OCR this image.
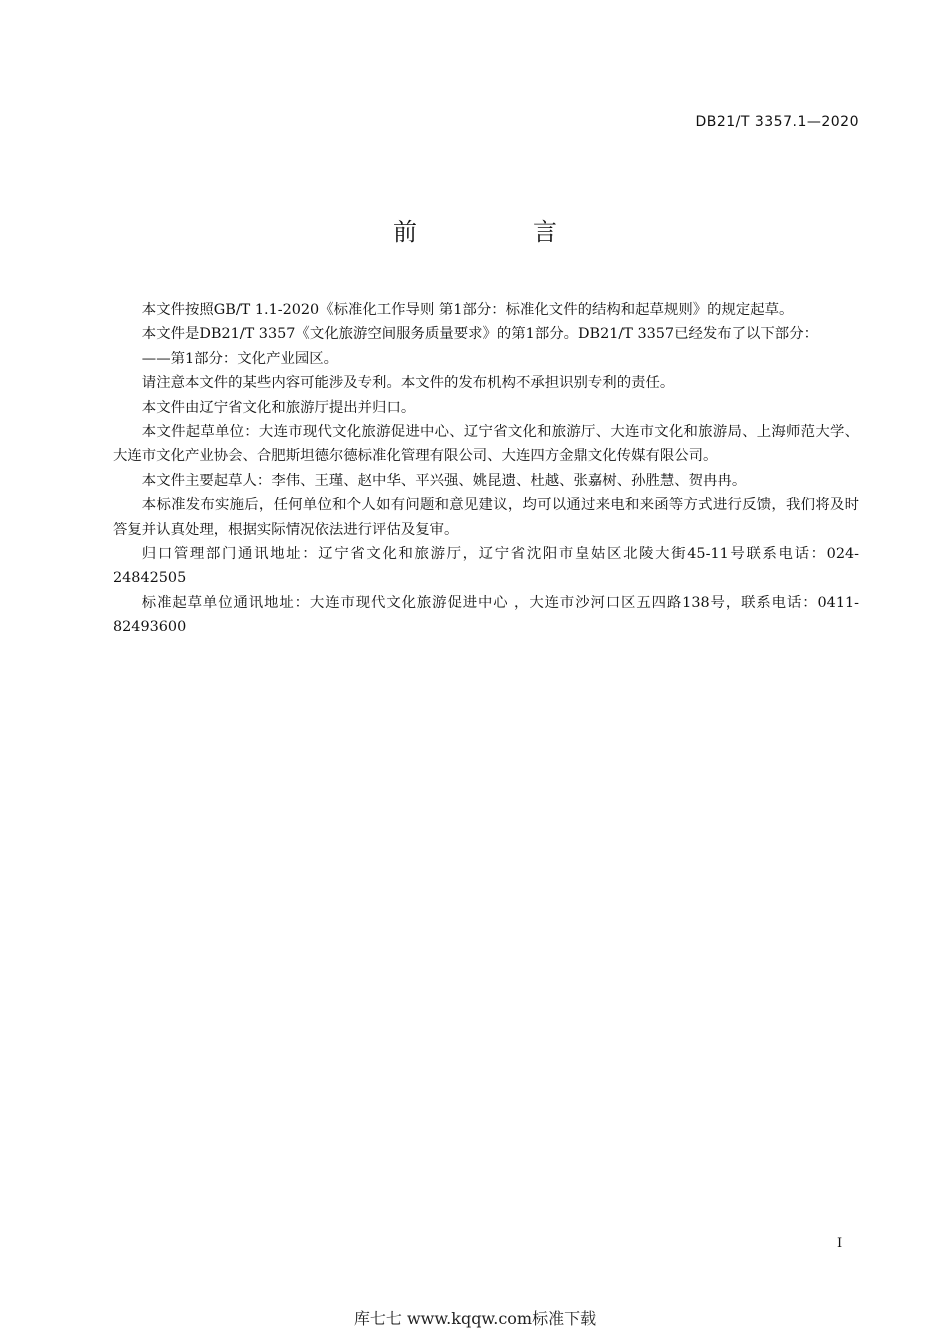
DB21/T 3357.1—2020
前　言

本文件按照GB/T 1.1-2020《标准化工作导则 第1部分：标准化文件的结构和起草规则》的规定起草。

本文件是DB21/T 3357《文化旅游空间服务质量要求》的第1部分。DB21/T 3357已经发布了以下部分：

——第1部分：文化产业园区。

请注意本文件的某些内容可能涉及专利。本文件的发布机构不承担识别专利的责任。

本文件由辽宁省文化和旅游厅提出并归口。

本文件起草单位：大连市现代文化旅游促进中心、辽宁省文化和旅游厅、大连市文化和旅游局、上海师范大学、大连市文化产业协会、合肥斯坦德尔德标准化管理有限公司、大连四方金鼎文化传媒有限公司。

本文件主要起草人：李伟、王瑾、赵中华、平兴强、姚昆遗、杜越、张嘉树、孙胜慧、贺冉冉。

本标准发布实施后，任何单位和个人如有问题和意见建议，均可以通过来电和来函等方式进行反馈，我们将及时答复并认真处理，根据实际情况依法进行评估及复审。

归口管理部门通讯地址：辽宁省文化和旅游厅，辽宁省沈阳市皇姑区北陵大街45-11号联系电话：024-24842505

标准起草单位通讯地址：大连市现代文化旅游促进中心 ，大连市沙河口区五四路138号，联系电话：0411-82493600

I
库七七 www.kqqw.com标准下载
